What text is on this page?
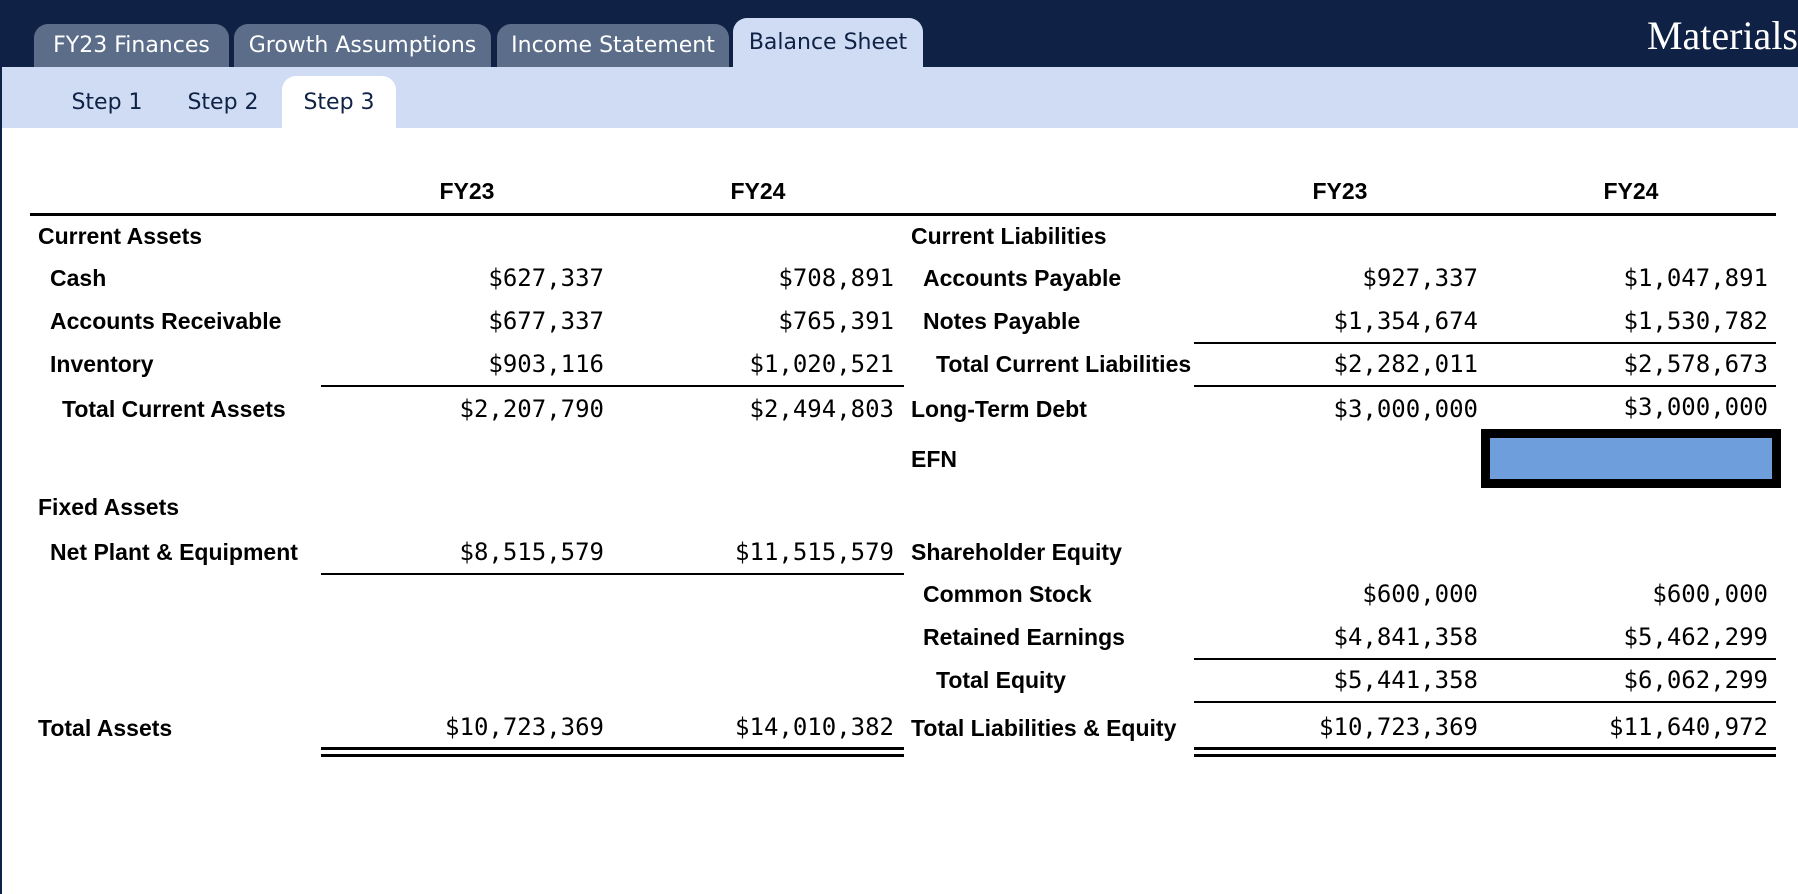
FY23 Finances	Growth Assumptions	Income Statement	Balance Sheet	Materials
Step 1	Step 2	Step 3
FY23	FY24	FY23	FY24
Current Assets
Cash	$627,337	$708,891
Accounts Receivable	$677,337	$765,391
Inventory	$903,116	$1,020,521
Total Current Assets	$2,207,790	$2,494,803
Fixed Assets
Net Plant & Equipment	$8,515,579	$11,515,579
Total Assets	$10,723,369	$14,010,382
Current Liabilities
Accounts Payable	$927,337	$1,047,891
Notes Payable	$1,354,674	$1,530,782
Total Current Liabilities	$2,282,011	$2,578,673
Long-Term Debt	$3,000,000	$3,000,000
EFN
Shareholder Equity
Common Stock	$600,000	$600,000
Retained Earnings	$4,841,358	$5,462,299
Total Equity	$5,441,358	$6,062,299
Total Liabilities & Equity	$10,723,369	$11,640,972
